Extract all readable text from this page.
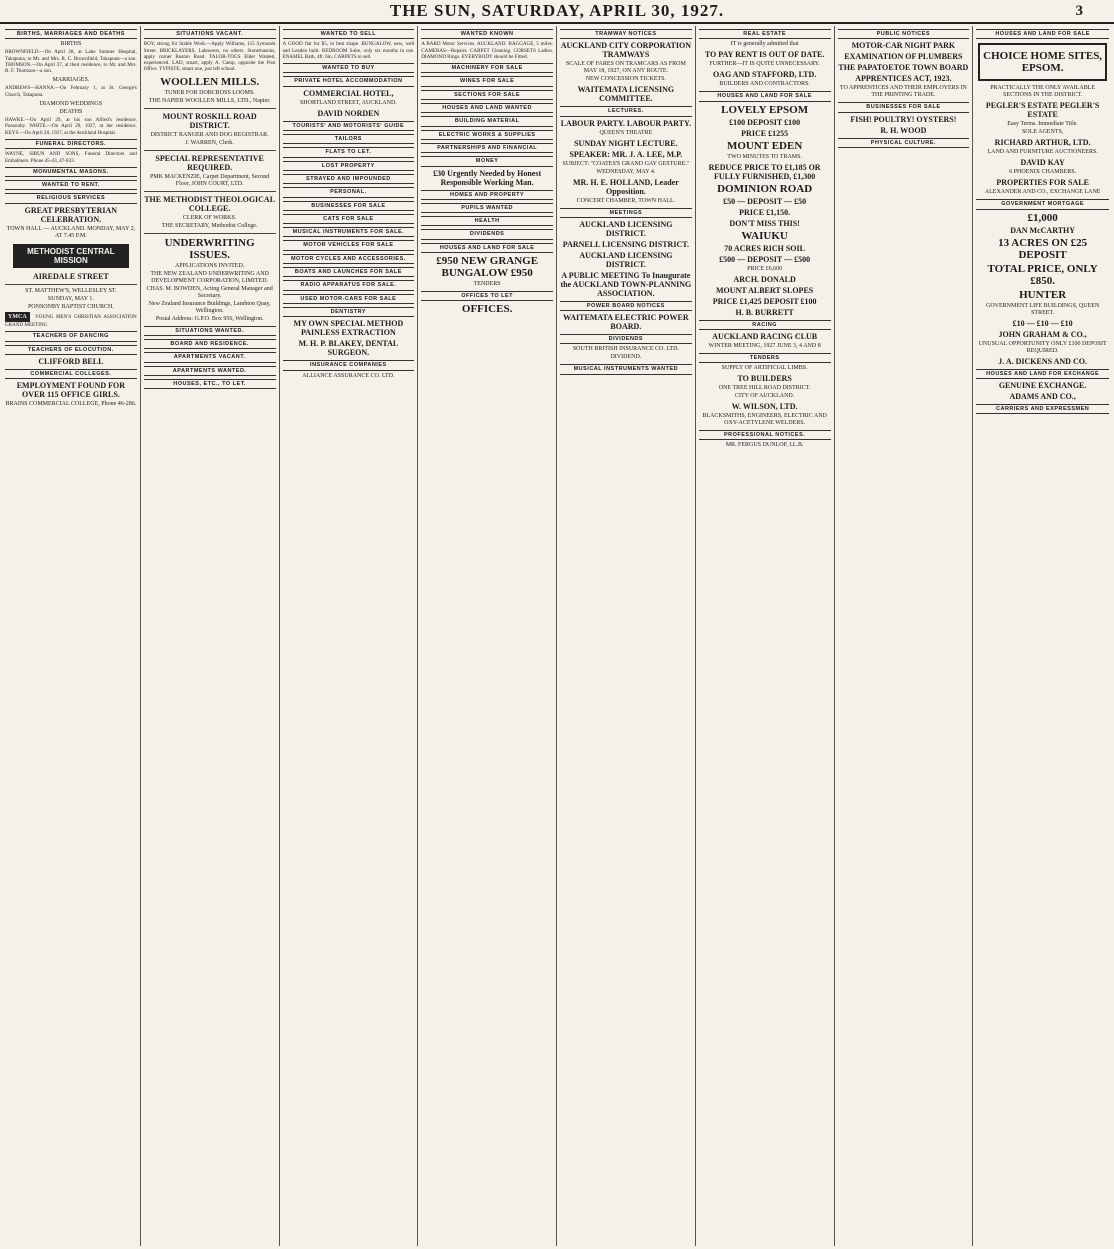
THE SUN, SATURDAY, APRIL 30, 1927.	3
BIRTHS, MARRIAGES AND DEATHS
BIRTHS
BROWNFIELD.—On April 28, at Lake Sumner Hospital, Takapuna, to Mr. and Mrs. R. C. Brownfield, Takapuna—a son. THOMSON.—On April 27, at their residence, to Mr. and Mrs. R. F. Thomson—a son.
MARRIAGES.
ANDREWS—HANNA.—On February 1, at St. George's Church, Takapuna.
DIAMOND WEDDINGS
DEATHS
HAWKE.—On April 29, at his son Alfred's residence, Ponsonby. WHITE.—On April 29, 1927, at her residence. KEYS.—On April 28, 1927, at the Auckland Hospital.
FUNERAL DIRECTORS.
WAYNE, SIBUN AND SONS, Funeral Directors and Embalmers. Phone 45-43, 47-833.
MONUMENTAL MASONS.
WANTED TO RENT.
RELIGIOUS SERVICES
GREAT PRESBYTERIAN CELEBRATION.
TOWN HALL — AUCKLAND. MONDAY, MAY 2, AT 7.45 P.M.
METHODIST CENTRAL MISSION
AIREDALE STREET
ST. MATTHEW'S, WELLESLEY ST.
SUNDAY, MAY 1.
PONSONBY BAPTIST CHURCH.
YMCA YOUNG MEN'S CHRISTIAN ASSOCIATION GRAND MEETING
TEACHERS OF DANCING
TEACHERS OF ELOCUTION.
CLIFFORD BELL
COMMERCIAL COLLEGES.
EMPLOYMENT FOUND FOR OVER 115 OFFICE GIRLS.
BRAINS COMMERCIAL COLLEGE, Phone 46-286.
SITUATIONS VACANT.
BOY, strong for Stable Work.—Apply Williams, 115 Symonds Street. BRICKLAYERS, Labourers, no others. Stonemasons, apply corner Boston Road. TALOR-TOGS Elder Wanted, experienced. LAD, smart, apply A. Camp, opposite the Post Office. TYPISTE, smart one, just left school.
WOOLLEN MILLS.
TUNER FOR DOBCROSS LOOMS.
THE NAPIER WOOLLEN MILLS, LTD., Napier.
MOUNT ROSKILL ROAD DISTRICT.
DISTRICT RANGER AND DOG REGISTRAR.
J. WARREN, Clerk.
SPECIAL REPRESENTATIVE REQUIRED.
PMK MACKENZIE, Carpet Department, Second Floor, JOHN COURT, LTD.
THE METHODIST THEOLOGICAL COLLEGE.
CLERK OF WORKS.
THE SECRETARY, Methodist College.
UNDERWRITING ISSUES.
APPLICATIONS INVITED.
THE NEW ZEALAND UNDERWRITING AND DEVELOPMENT CORPORATION, LIMITED.
CHAS. M. BOWDEN, Acting General Manager and Secretary.
New Zealand Insurance Buildings, Lambton Quay, Wellington.
Postal Address: G.P.O. Box 956, Wellington.
SITUATIONS WANTED.
BOARD AND RESIDENCE.
APARTMENTS VACANT.
APARTMENTS WANTED.
HOUSES, ETC., TO LET.
WANTED TO SELL
A GOOD flat for $5, in best shape. BUNGALOW, new, well and Leaden built. BEDROOM Suite, only six months in use. ENAMEL Bath, 4ft. 6in. CARPETS to sell.
WANTED TO BUY
PRIVATE HOTEL ACCOMMODATION
COMMERCIAL HOTEL,
SHORTLAND STREET, AUCKLAND.
DAVID NORDEN
TOURISTS' AND MOTORISTS' GUIDE
TAILORS
FLATS TO LET.
LOST PROPERTY
STRAYED AND IMPOUNDED
PERSONAL.
BUSINESSES FOR SALE
CATS FOR SALE
MUSICAL INSTRUMENTS FOR SALE.
MOTOR VEHICLES FOR SALE
MOTOR CYCLES AND ACCESSORIES.
BOATS AND LAUNCHES FOR SALE
RADIO APPARATUS FOR SALE.
USED MOTOR-CARS FOR SALE
DENTISTRY
MY OWN SPECIAL METHOD PAINLESS EXTRACTION
M. H. P. BLAKEY, DENTAL SURGEON.
INSURANCE COMPANIES
ALLIANCE ASSURANCE CO. LTD.
WANTED KNOWN
A BARD Motor Services. AUCKLAND. BAGGAGE, 5 miles. CAMERAS—Repairs. CARPET Cleaning. CORSETS Ladies. DIAMOND Rings. EVERYBODY should be Fitted.
MACHINERY FOR SALE
WINES FOR SALE
SECTIONS FOR SALE
HOUSES AND LAND WANTED
BUILDING MATERIAL
ELECTRIC WORKS & SUPPLIES
PARTNERSHIPS AND FINANCIAL
MONEY
£30 Urgently Needed by Honest Responsible Working Man.
HOMES AND PROPERTY
PUPILS WANTED
HEALTH
DIVIDENDS
HOUSES AND LAND FOR SALE
£950 NEW GRANGE BUNGALOW £950
TENDERS
OFFICES TO LET
OFFICES.
TRAMWAY NOTICES
AUCKLAND CITY CORPORATION TRAMWAYS
SCALE OF FARES ON TRAMCARS AS FROM MAY 18, 1927, ON ANY ROUTE.
NEW CONCESSION TICKETS.
WAITEMATA LICENSING COMMITTEE.
LECTURES.
LABOUR PARTY. LABOUR PARTY.
QUEEN'S THEATRE
SUNDAY NIGHT LECTURE.
SPEAKER: MR. J. A. LEE, M.P.
SUBJECT: "COATES'S GRAND GAY GESTURE."
WEDNESDAY, MAY 4.
MR. H. E. HOLLAND, Leader Opposition.
CONCERT CHAMBER, TOWN HALL.
MEETINGS
AUCKLAND LICENSING DISTRICT.
PARNELL LICENSING DISTRICT.
AUCKLAND LICENSING DISTRICT.
A PUBLIC MEETING To Inaugurate the AUCKLAND TOWN-PLANNING ASSOCIATION.
POWER BOARD NOTICES
WAITEMATA ELECTRIC POWER BOARD.
DIVIDENDS
SOUTH BRITISH INSURANCE CO. LTD.
DIVIDEND.
MUSICAL INSTRUMENTS WANTED
REAL ESTATE
IT is generally admitted that
TO PAY RENT IS OUT OF DATE.
FURTHER—IT IS QUITE UNNECESSARY.
OAG AND STAFFORD, LTD.
BUILDERS AND CONTRACTORS.
HOUSES AND LAND FOR SALE
LOVELY EPSOM
£100 DEPOSIT £100
PRICE £1255
MOUNT EDEN
TWO MINUTES TO TRAMS.
REDUCE PRICE TO £1,185 OR FULLY FURNISHED, £1,300
DOMINION ROAD
£50 — DEPOSIT — £50
PRICE £1,150.
DON'T MISS THIS!
WAIUKU
70 ACRES RICH SOIL
£500 — DEPOSIT — £500
PRICE £6,600
ARCH. DONALD
MOUNT ALBERT SLOPES
PRICE £1,425 DEPOSIT £100
H. B. BURRETT
RACING
AUCKLAND RACING CLUB
WINTER MEETING, 1927 JUNE 3, 4 AND 8
TENDERS
SUPPLY OF ARTIFICIAL LIMBS.
TO BUILDERS
ONE TREE HILL ROAD DISTRICT.
CITY OF AUCKLAND.
W. WILSON, LTD.
BLACKSMITHS, ENGINEERS, ELECTRIC AND OXY-ACETYLENE WELDERS.
PROFESSIONAL NOTICES.
MR. FERGUS DUNLOP, LL.B.
PUBLIC NOTICES
MOTOR-CAR NIGHT PARK
EXAMINATION OF PLUMBERS
THE PAPATOETOE TOWN BOARD
APPRENTICES ACT, 1923.
TO APPRENTICES AND THEIR EMPLOYERS IN THE PRINTING TRADE.
BUSINESSES FOR SALE
FISH! POULTRY! OYSTERS!
R. H. WOOD
PHYSICAL CULTURE.
HOUSES AND LAND FOR SALE
CHOICE HOME SITES, EPSOM.
PRACTICALLY THE ONLY AVAILABLE SECTIONS IN THE DISTRICT.
PEGLER'S ESTATE PEGLER'S ESTATE
Easy Terms. Immediate Title.
SOLE AGENTS,
RICHARD ARTHUR, LTD.
LAND AND FURNITURE AUCTIONEERS.
DAVID KAY
6 PHOENIX CHAMBERS.
PROPERTIES FOR SALE
ALEXANDER AND CO., EXCHANGE LANE
GOVERNMENT MORTGAGE
£1,000
DAN McCARTHY
13 ACRES ON £25 DEPOSIT
TOTAL PRICE, ONLY £850.
HUNTER
GOVERNMENT LIFE BUILDINGS, QUEEN STREET.
£10 — £10 — £10
JOHN GRAHAM & CO.,
UNUSUAL OPPORTUNITY ONLY £100 DEPOSIT REQUIRED.
J. A. DICKENS AND CO.
HOUSES AND LAND FOR EXCHANGE
GENUINE EXCHANGE.
ADAMS AND CO.,
CARRIERS AND EXPRESSMEN
